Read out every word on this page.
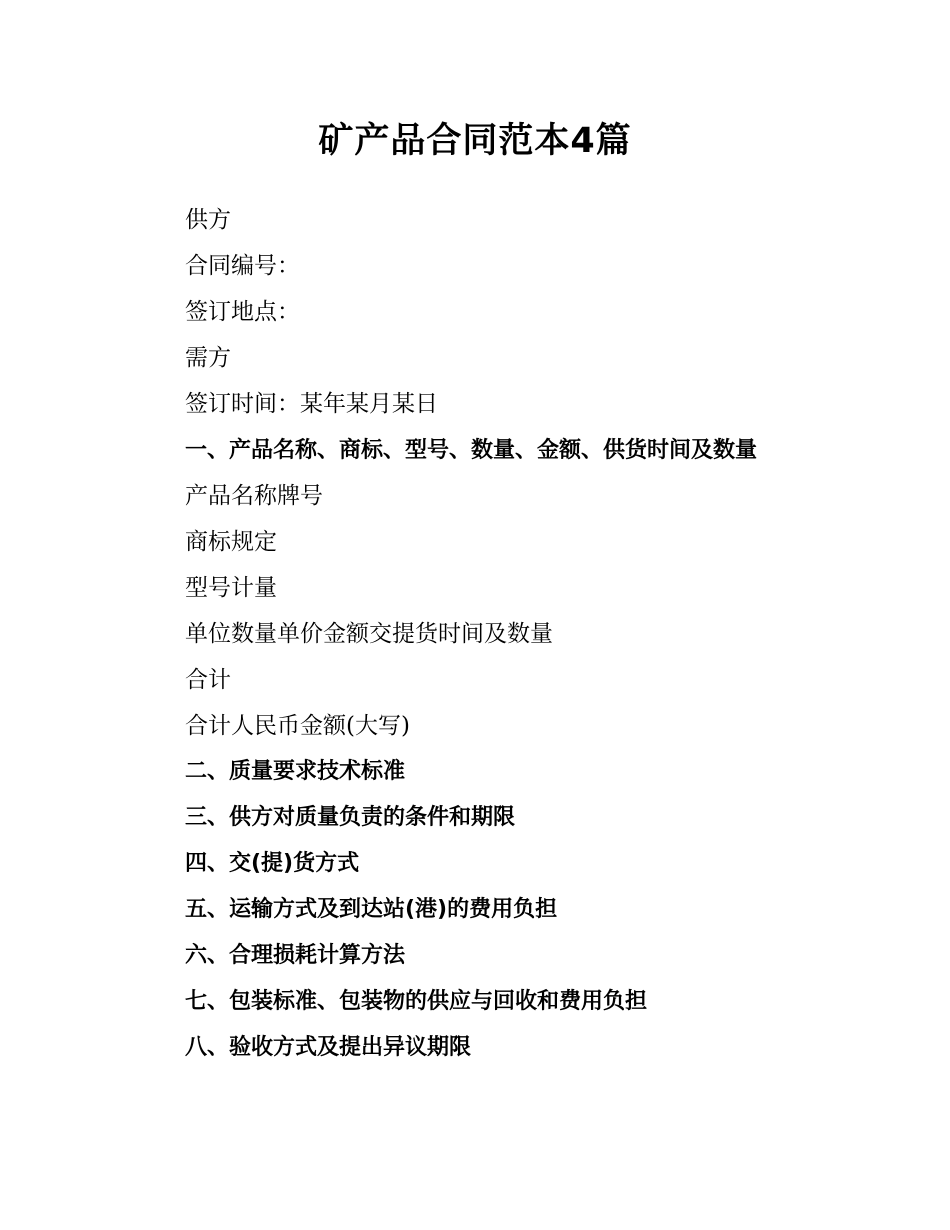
矿产品合同范本4篇

供方

合同编号：

签订地点：

需方

签订时间：某年某月某日

一、产品名称、商标、型号、数量、金额、供货时间及数量

产品名称牌号

商标规定

型号计量

单位数量单价金额交提货时间及数量

合计

合计人民币金额(大写)

二、质量要求技术标准

三、供方对质量负责的条件和期限

四、交(提)货方式

五、运输方式及到达站(港)的费用负担

六、合理损耗计算方法

七、包装标准、包装物的供应与回收和费用负担

八、验收方式及提出异议期限
